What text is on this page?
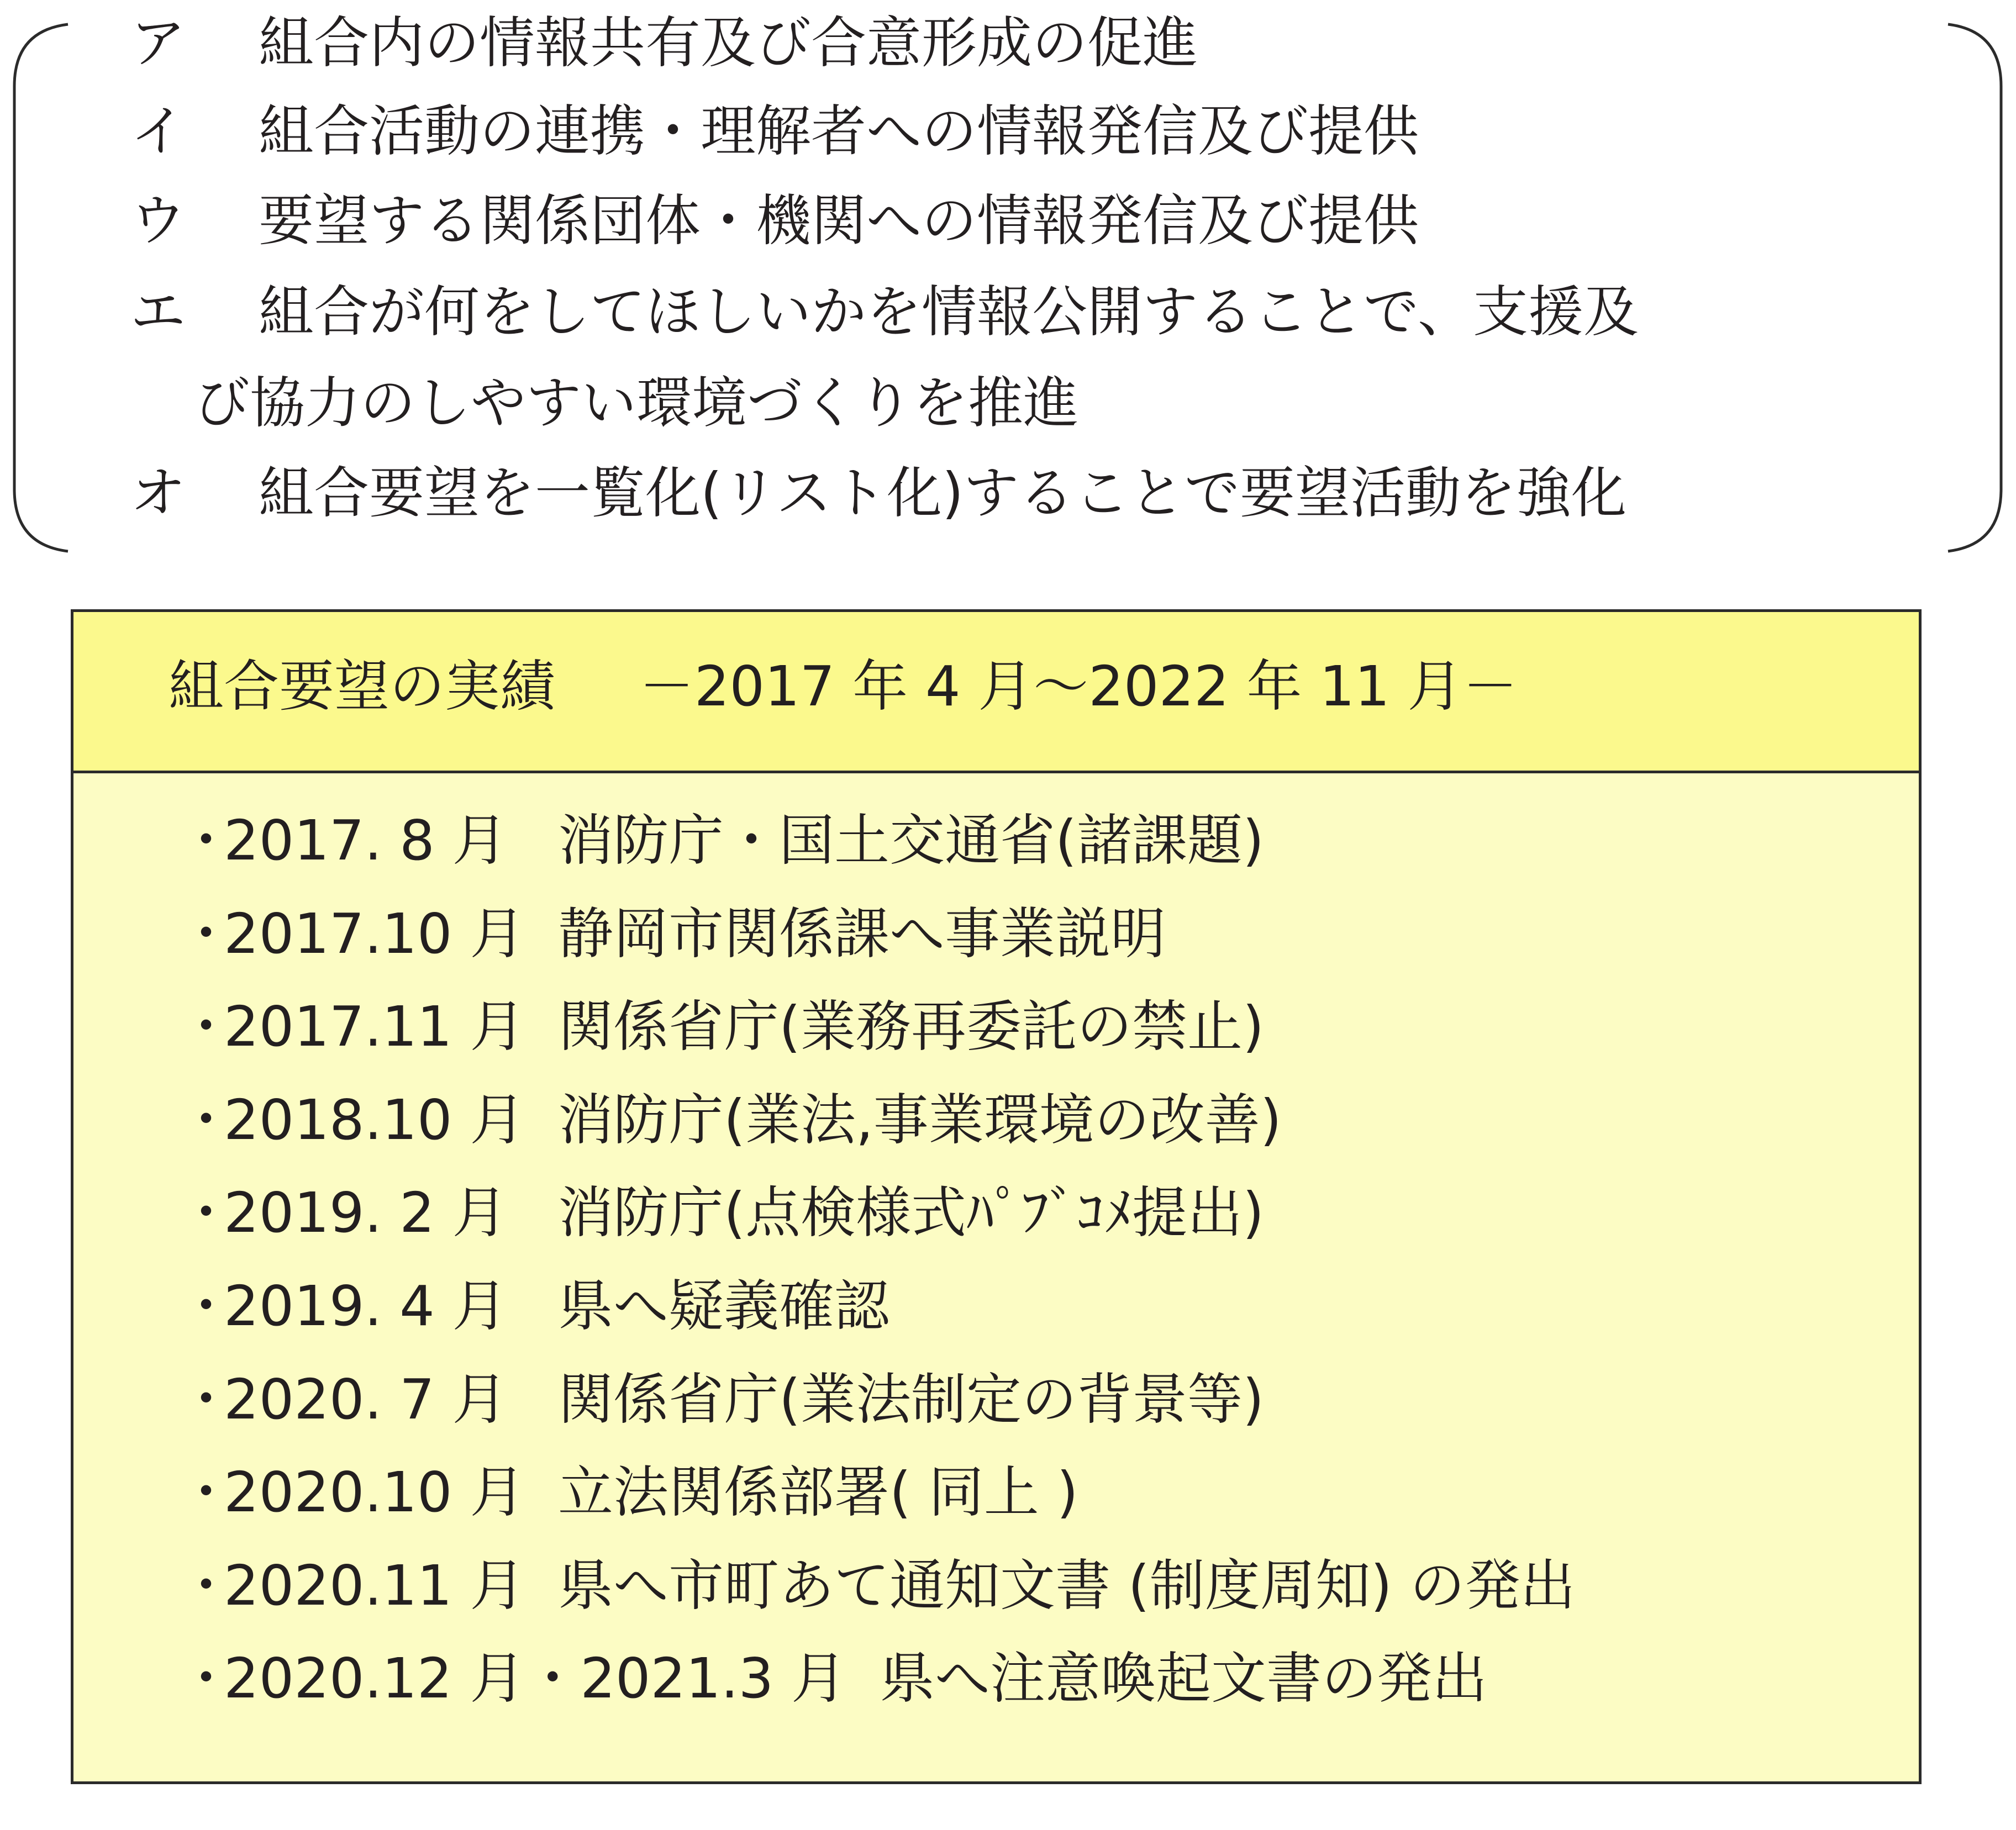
ア	組合内の情報共有及び合意形成の促進
イ	組合活動の連携・理解者への情報発信及び提供
ウ	要望する関係団体・機関への情報発信及び提供
エ	組合が何をしてほしいかを情報公開することで、支援及
び協力のしやすい環境づくりを推進
オ	組合要望を一覧化(リスト化)することで要望活動を強化
組合要望の実績 －2017 年 4 月～2022 年 11 月－
・2017. 8 月 消防庁・国土交通省(諸課題)
・2017.10 月 静岡市関係課へ事業説明
・2017.11 月 関係省庁(業務再委託の禁止)
・2018.10 月 消防庁(業法,事業環境の改善)
・2019. 2 月 消防庁(点検様式ﾊﾟﾌﾞｺﾒ提出)
・2019. 4 月 県へ疑義確認
・2020. 7 月 関係省庁(業法制定の背景等)
・2020.10 月 立法関係部署( 同上 )
・2020.11 月 県へ市町あて通知文書 (制度周知) の発出
・2020.12 月・2021.3 月 県へ注意喚起文書の発出
